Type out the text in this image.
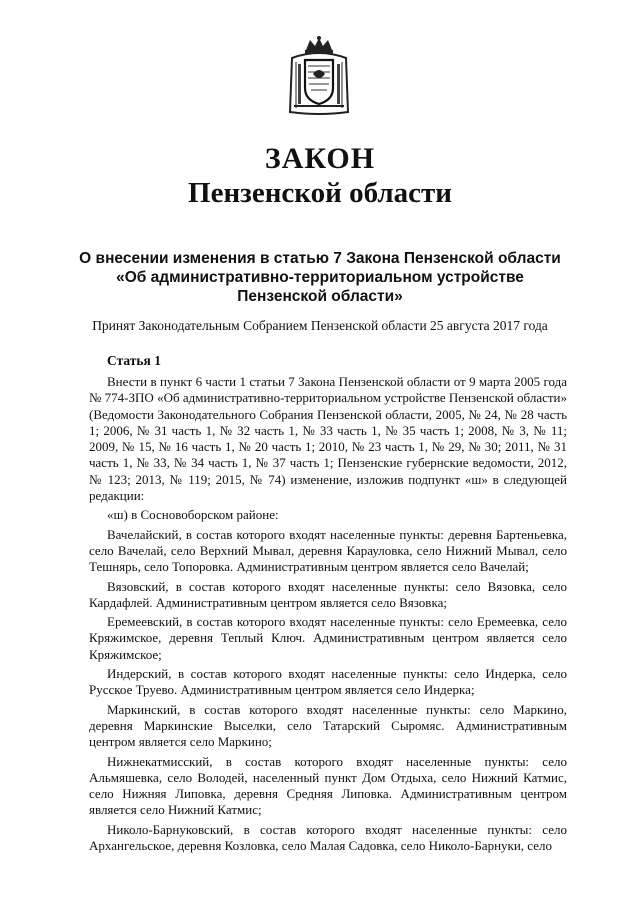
ЗАКОН
Пензенской области
О внесении изменения в статью 7 Закона Пензенской области
«Об административно-территориальном устройстве
Пензенской области»
Принят Законодательным Собранием Пензенской области 25 августа 2017 года
Статья 1

Внести в пункт 6 части 1 статьи 7 Закона Пензенской области от 9 марта 2005 года № 774-ЗПО «Об административно-территориальном устройстве Пензенской области» (Ведомости Законодательного Собрания Пензенской области, 2005, № 24, № 28 часть 1; 2006, № 31 часть 1, № 32 часть 1, № 33 часть 1, № 35 часть 1; 2008, № 3, № 11; 2009, № 15, № 16 часть 1, № 20 часть 1; 2010, № 23 часть 1, № 29, № 30; 2011, № 31 часть 1, № 33, № 34 часть 1, № 37 часть 1; Пензенские губернские ведомости, 2012, № 123; 2013, № 119; 2015, № 74) изменение, изложив подпункт «ш» в следующей редакции:

«ш) в Сосновоборском районе:

Вачелайский, в состав которого входят населенные пункты: деревня Бартеньевка, село Вачелай, село Верхний Мывал, деревня Карауловка, село Нижний Мывал, село Тешнярь, село Топоровка. Административным центром является село Вачелай;

Вязовский, в состав которого входят населенные пункты: село Вязовка, село Кардафлей. Административным центром является село Вязовка;

Еремеевский, в состав которого входят населенные пункты: село Еремеевка, село Кряжимское, деревня Теплый Ключ. Административным центром является село Кряжимское;

Индерский, в состав которого входят населенные пункты: село Индерка, село Русское Труево. Административным центром является село Индерка;

Маркинский, в состав которого входят населенные пункты: село Маркино, деревня Маркинские Выселки, село Татарский Сыромяс. Административным центром является село Маркино;

Нижнекатмисский, в состав которого входят населенные пункты: село Альмяшевка, село Володей, населенный пункт Дом Отдыха, село Нижний Катмис, село Нижняя Липовка, деревня Средняя Липовка. Административным центром является село Нижний Катмис;

Николо-Барнуковский, в состав которого входят населенные пункты: село Архангельское, деревня Козловка, село Малая Садовка, село Николо-Барнуки, село
